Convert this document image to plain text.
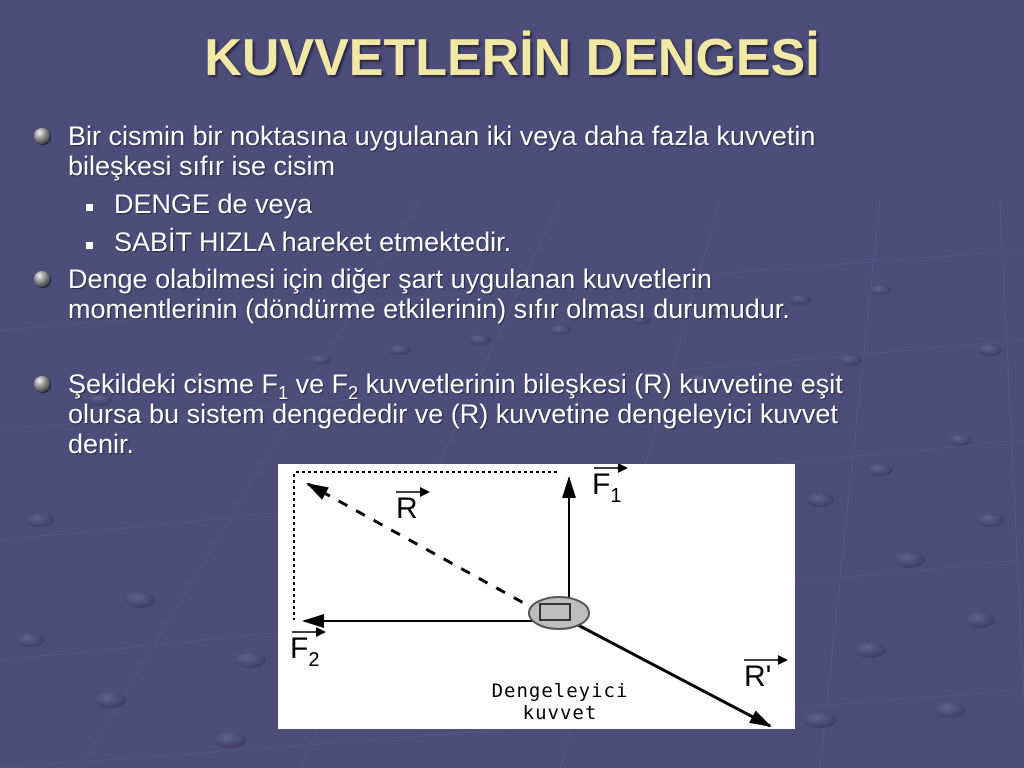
KUVVETLERİN DENGESİ
Bir cismin bir noktasına uygulanan iki veya daha fazla kuvvetin
bileşkesi sıfır ise cisim
DENGE de veya
SABİT HIZLA hareket etmektedir.
Denge olabilmesi için diğer şart uygulanan kuvvetlerin
momentlerinin (döndürme etkilerinin) sıfır olması durumudur.
Şekildeki cisme $F_1$ ve $F_2$ kuvvetlerinin bileşkesi (R) kuvvetine eşit
olursa bu sistem dengededir ve (R) kuvvetine dengeleyici kuvvet
denir.
$F_1$
R
$F_2$	R'
Dengeleyici
kuvvet
